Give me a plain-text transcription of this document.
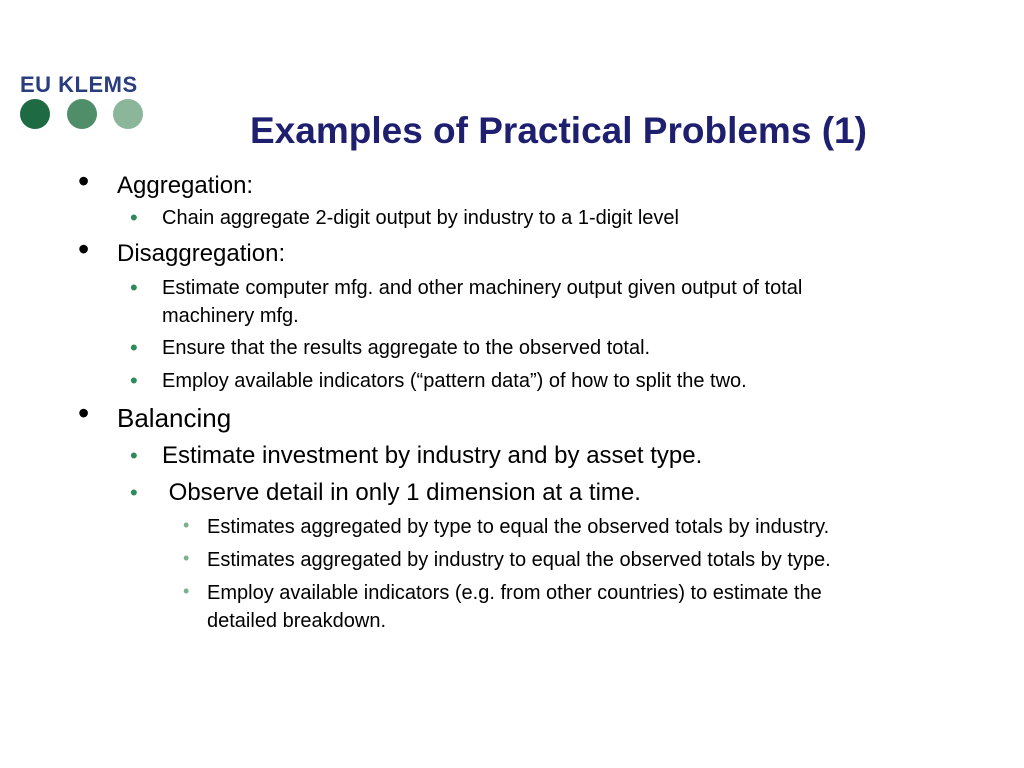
EU KLEMS
Examples of Practical Problems (1)
• Aggregation:
• Chain aggregate 2-digit output by industry to a 1-digit level
• Disaggregation:
• Estimate computer mfg. and other machinery output given output of total
machinery mfg.
• Ensure that the results aggregate to the observed total.
• Employ available indicators (“pattern data”) of how to split the two.
• Balancing
• Estimate investment by industry and by asset type.
• Observe detail in only 1 dimension at a time.
• Estimates aggregated by type to equal the observed totals by industry.
• Estimates aggregated by industry to equal the observed totals by type.
• Employ available indicators (e.g. from other countries) to estimate the
detailed breakdown.
